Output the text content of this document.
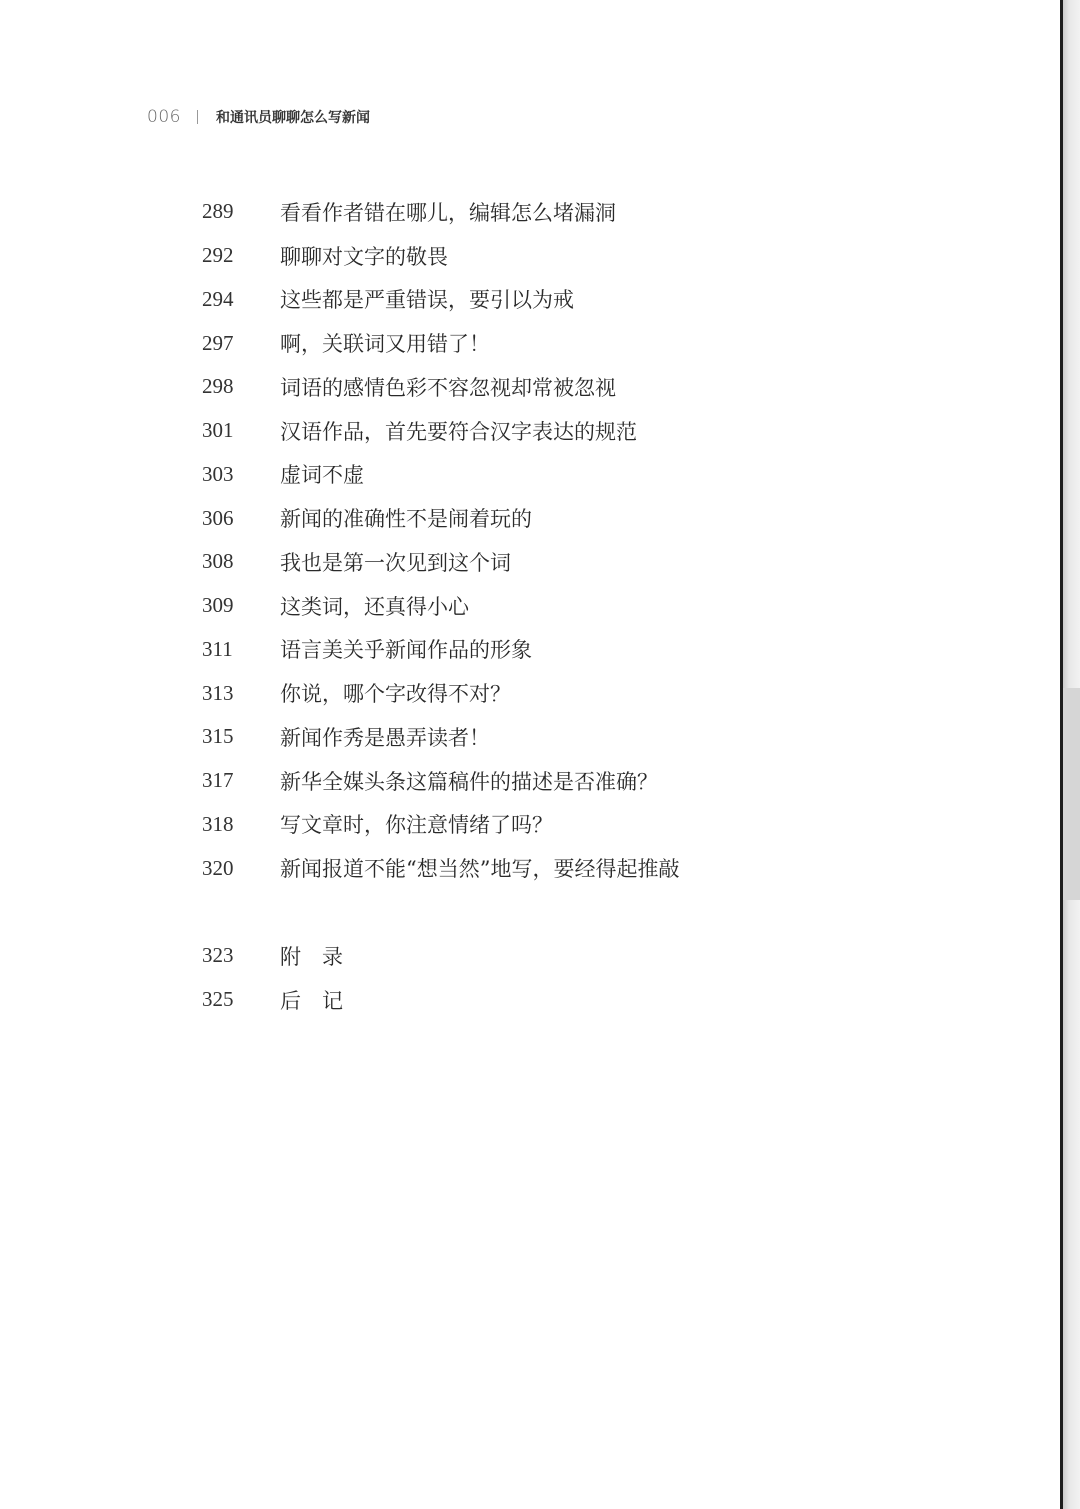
006	和通讯员聊聊怎么写新闻
289	看看作者错在哪儿，编辑怎么堵漏洞
292	聊聊对文字的敬畏
294	这些都是严重错误，要引以为戒
297	啊，关联词又用错了！
298	词语的感情色彩不容忽视却常被忽视
301	汉语作品，首先要符合汉字表达的规范
303	虚词不虚
306	新闻的准确性不是闹着玩的
308	我也是第一次见到这个词
309	这类词，还真得小心
311	语言美关乎新闻作品的形象
313	你说，哪个字改得不对？
315	新闻作秀是愚弄读者！
317	新华全媒头条这篇稿件的描述是否准确？
318	写文章时，你注意情绪了吗？
320	新闻报道不能“想当然”地写，要经得起推敲
323	附 录
325	后 记
